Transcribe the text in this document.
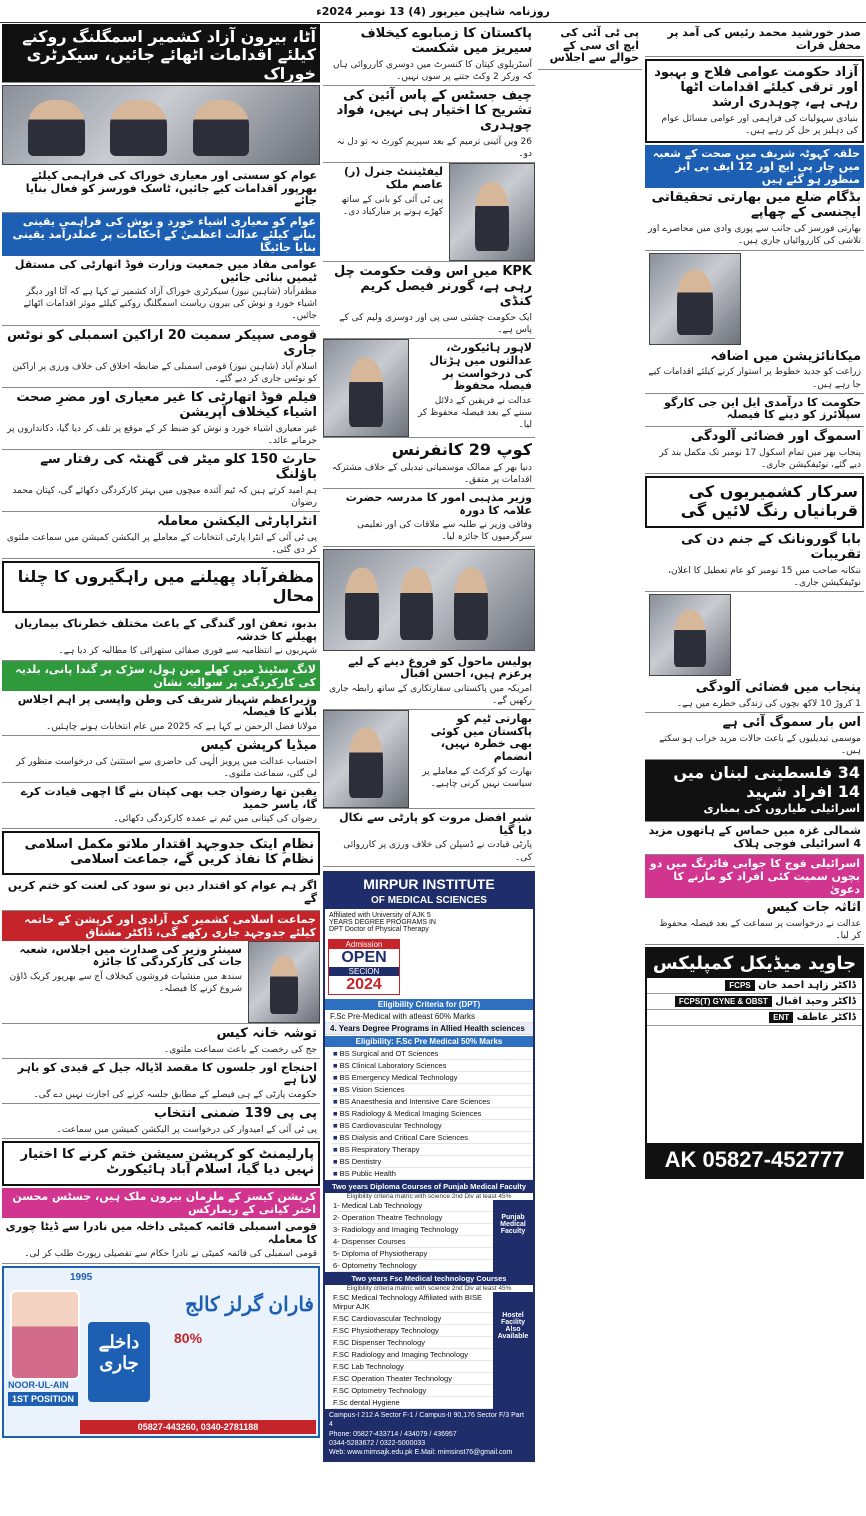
روزنامہ شاہین میرپور (4) 13 نومبر 2024ء
آٹا، بیرون آزاد کشمیر اسمگلنگ روکنے کیلئے اقدامات اٹھائے جائیں، سیکرٹری خوراک
عوام کو سستی اور معیاری خوراک کی فراہمی کیلئے بھرپور اقدامات کیے جائیں، ٹاسک فورسز کو فعال بنایا جائے
عوام کو معیاری اشیاء خورد و نوش کی فراہمی یقینی بنانے کیلئے عدالت اعظمیٰ کے احکامات پر عملدرآمد یقینی بنایا جائیگا
عوامی مفاد میں جمعیت وزارت فوڈ اتھارٹی کی مستقل ٹیمیں بنائی جائیں
مظفرآباد (شاہین نیوز) سیکرٹری خوراک آزاد کشمیر نے کہا ہے کہ آٹا اور دیگر اشیاء خورد و نوش کی بیرون ریاست اسمگلنگ روکنے کیلئے موثر اقدامات اٹھائے جائیں۔
قومی سپیکر سمیت 20 اراکین اسمبلی کو نوٹس جاری
اسلام آباد (شاہین نیوز) قومی اسمبلی کے ضابطہ اخلاق کی خلاف ورزی پر اراکین کو نوٹس جاری کر دیے گئے۔
فیلم فوڈ اتھارٹی کا غیر معیاری اور مضرِ صحت اشیاء کیخلاف آپریشن
غیر معیاری اشیاء خورد و نوش کو ضبط کر کے موقع پر تلف کر دیا گیا، دکانداروں پر جرمانے عائد۔
حارث 150 کلو میٹر فی گھنٹہ کی رفتار سے باؤلنگ
ہم امید کرتے ہیں کہ ٹیم آئندہ میچوں میں بہتر کارکردگی دکھائے گی، کپتان محمد رضوان
انٹراپارٹی الیکشن معاملہ
پی ٹی آئی کے انٹرا پارٹی انتخابات کے معاملے پر الیکشن کمیشن میں سماعت ملتوی کر دی گئی۔
مظفرآباد پھیلنے میں راہگیروں کا چلنا محال
بدبو، تعفن اور گندگی کے باعث مختلف خطرناک بیماریاں پھیلنے کا خدشہ
شہریوں نے انتظامیہ سے فوری صفائی ستھرائی کا مطالبہ کر دیا ہے۔
لانگ سٹینڈ میں کھلے مین ہول، سڑک پر گندا پانی، بلدیہ کی کارکردگی پر سوالیہ نشان
وزیراعظم شہباز شریف کی وطن واپسی پر اہم اجلاس بلانے کا فیصلہ
مولانا فضل الرحمن نے کہا ہے کہ 2025 میں عام انتخابات ہونے چاہئیں۔
میڈیا کرپشن کیس
احتساب عدالت میں پرویز الٰہی کی حاضری سے استثنیٰ کی درخواست منظور کر لی گئی، سماعت ملتوی۔
یقین تھا رضوان جب بھی کپتان بنے گا اچھی قیادت کرے گا، یاسر حمید
رضوان کی کپتانی میں ٹیم نے عمدہ کارکردگی دکھائی۔
نظامِ ایتک جدوجہد اقتدار ملاتو مکمل اسلامی نظام کا نفاذ کریں گے، جماعت اسلامی
اگر ہم عوام کو اقتدار دیں تو سود کی لعنت کو ختم کریں گے
جماعت اسلامی کشمیر کی آزادی اور کرپشن کے خاتمہ کیلئے جدوجہد جاری رکھے گی، ڈاکٹر مشتاق
سینئر وزیر کی صدارت میں اجلاس، شعبہ جات کی کارکردگی کا جائزہ
سندھ میں منشیات فروشوں کیخلاف آج سے بھرپور کریک ڈاؤن شروع کرنے کا فیصلہ۔
توشہ خانہ کیس
جج کی رخصت کے باعث سماعت ملتوی۔
احتجاج اور جلسوں کا مقصد اڈیالہ جیل کے قیدی کو باہر لانا ہے
حکومت پارٹی کے ہی فیصلے کے مطابق جلسہ کرنے کی اجازت نہیں دے گی۔
پی پی 139 ضمنی انتخاب
پی ٹی آئی کے امیدوار کی درخواست پر الیکشن کمیشن میں سماعت۔
پارلیمنٹ کو کرپشن سیشن ختم کرنے کا اختیار نہیں دیا گیا، اسلام آباد ہائیکورٹ
کرپشن کیسز کے ملزمان بیرون ملک ہیں، جسٹس محسن اختر کیانی کے ریمارکس
قومی اسمبلی قائمہ کمیٹی داخلہ میں نادرا سے ڈیٹا چوری کا معاملہ
قومی اسمبلی کی قائمہ کمیٹی نے نادرا حکام سے تفصیلی رپورٹ طلب کر لی۔
1995
NOOR-UL-AIN
1ST POSITION
داخلے جاری
فاران گرلز کالج
80%
05827-443260, 0340-2781188
پاکستان کا زمبابوے کیخلاف سیریز میں شکست
آسٹریلوی کپتان کا کنسرٹ میں دوسری کارروائی ہاں کہ ورکر 2 وکٹ جتنے پر سوں نہیں۔
چیف جسٹس کے پاس آئین کی تشریح کا اختیار ہی نہیں، فواد چوہدری
26 ویں آئینی ترمیم کے بعد سپریم کورٹ نہ تو دل نہ دو۔
لیفٹیننٹ جنرل (ر) عاصم ملک
پی ٹی آئی کو بانی کے ساتھ کھڑے ہونے پر مبارکباد دی۔
KPK میں اس وقت حکومت چل رہی ہے، گورنر فیصل کریم کنڈی
ایک حکومت چشتی سی پی اور دوسری ولیم کی کے پاس ہے۔
لاہور ہائیکورٹ، عدالتوں میں ہڑتال کی درخواست پر فیصلہ محفوظ
عدالت نے فریقین کے دلائل سننے کے بعد فیصلہ محفوظ کر لیا۔
کوپ 29 کانفرنس
دنیا بھر کے ممالک موسمیاتی تبدیلی کے خلاف مشترکہ اقدامات پر متفق۔
وزیر مذہبی امور کا مدرسہ حضرت علامہ کا دورہ
وفاقی وزیر نے طلبہ سے ملاقات کی اور تعلیمی سرگرمیوں کا جائزہ لیا۔
پولیس ماحول کو فروغ دینے کے لیے پرعزم ہیں، احسن اقبال
امریکہ میں پاکستانی سفارتکاری کے ساتھ رابطہ جاری رکھیں گے۔
بھارتی ٹیم کو پاکستان میں کوئی بھی خطرہ نہیں، انضمام
بھارت کو کرکٹ کے معاملے پر سیاست نہیں کرنی چاہیے۔
شیر افضل مروت کو پارٹی سے نکال دیا گیا
پارٹی قیادت نے ڈسپلن کی خلاف ورزی پر کارروائی کی۔
MIRPUR INSTITUTE
OF MEDICAL SCIENCES
Affiliated with University of AJK 5 YEARS DEGREE PROGRAMS IN DPT Doctor of Physical Therapy
Admission
OPEN
SECION
2024
Eligibility Criteria for (DPT)
F.Sc Pre-Medical with atleast 60% Marks
4. Years Degree Programs in Allied Health sciences
Eligibility: F.Sc Pre Medical 50% Marks
■ BS Surgical and OT Sciences
■ BS Clinical Laboratory Sciences
■ BS Emergency Medical Technology
■ BS Vision Sciences
■ BS Anaesthesia and Intensive Care Sciences
■ BS Radiology & Medical Imaging Sciences
■ BS Cardiovascular Technology
■ BS Dialysis and Critical Care Sciences
■ BS Respiratory Therapy
■ BS Dentistry
■ BS Public Health
Two years Diploma Courses of Punjab Medical Faculty
Eligibility criteria matric with science 2nd Div at least 45%
1- Medical Lab Technology
2- Operation Theatre Technology
3- Radiology and Imaging Technology
4- Dispenser Courses
5- Diploma of Physiotherapy
6- Optometry Technology
Punjab Medical Faculty
Two years Fsc Medical technology Courses
Eligibility criteria matric with science 2nd Div at least 45%
F.SC Medical Technology Affiliated with BISE Mirpur AJK
F.SC Cardiovascular Technology
F.SC Physiotherapy Technology
F.SC Dispenser Technology
F.SC Radiology and Imaging Technology
F.SC Lab Technology
F.SC Operation Theater Technology
F.SC Optometry Technology
F.Sc dental Hygiene
Hostel Facility Also Available
Campus-I 212 A Sector F-1 / Campus-II 90,176 Sector F/3 Part 4
Phone: 05827-433714 / 434079 / 436957
0344-5283672 / 0322-5000033
Web: www.mimsajk.edu.pk E.Mail: mimsinst76@gmail.com
پی ٹی آئی کی ایچ ای سی کے حوالے سے اجلاس
صدر خورشید محمد رئیس کی آمد پر محفل قرات
آزاد حکومت عوامی فلاح و بہبود اور ترقی کیلئے اقدامات اٹھا رہی ہے، چوہدری ارشد
بنیادی سہولیات کی فراہمی اور عوامی مسائل عوام کی دہلیز پر حل کر رہے ہیں۔
حلقہ کہوٹہ شریف میں صحت کے شعبہ میں چار پی ایچ اور 12 ایف پی ایز منظور ہو گئے ہیں
بڈگام ضلع میں بھارتی تحقیقاتی ایجنسی کے چھاپے
بھارتی فورسز کی جانب سے پوری وادی میں محاصرے اور تلاشی کی کارروائیاں جاری ہیں۔
میکانائزیشن میں اضافہ
زراعت کو جدید خطوط پر استوار کرنے کیلئے اقدامات کیے جا رہے ہیں۔
حکومت کا درآمدی ایل این جی کارگو سپلائرز کو دینے کا فیصلہ
اسموگ اور فضائی آلودگی
پنجاب بھر میں تمام اسکول 17 نومبر تک مکمل بند کر دیے گئے، نوٹیفکیشن جاری۔
سرکار کشمیریوں کی قربانیاں رنگ لائیں گی
بابا گورونانک کے جنم دن کی تقریبات
ننکانہ صاحب میں 15 نومبر کو عام تعطیل کا اعلان، نوٹیفکیشن جاری۔
پنجاب میں فضائی آلودگی
1 کروڑ 10 لاکھ بچوں کی زندگی خطرے میں ہے۔
اس بار سموگ آئی ہے
موسمی تبدیلیوں کے باعث حالات مزید خراب ہو سکتے ہیں۔
34 فلسطینی لبنان میں 14 افراد شہید
اسرائیلی طیاروں کی بمباری
شمالی غزہ میں حماس کے ہاتھوں مزید 4 اسرائیلی فوجی ہلاک
اسرائیلی فوج کا جوابی فائرنگ میں دو بچوں سمیت کئی افراد کو مارنے کا دعویٰ
اثاثہ جات کیس
عدالت نے درخواست پر سماعت کے بعد فیصلہ محفوظ کر لیا۔
جاوید میڈیکل کمپلیکس
ڈاکٹر زاہد احمد خان FCPS
ڈاکٹر وحید اقبال FCPS(T) GYNE & OBST
ڈاکٹر عاطف ENT
AK 05827-452777
